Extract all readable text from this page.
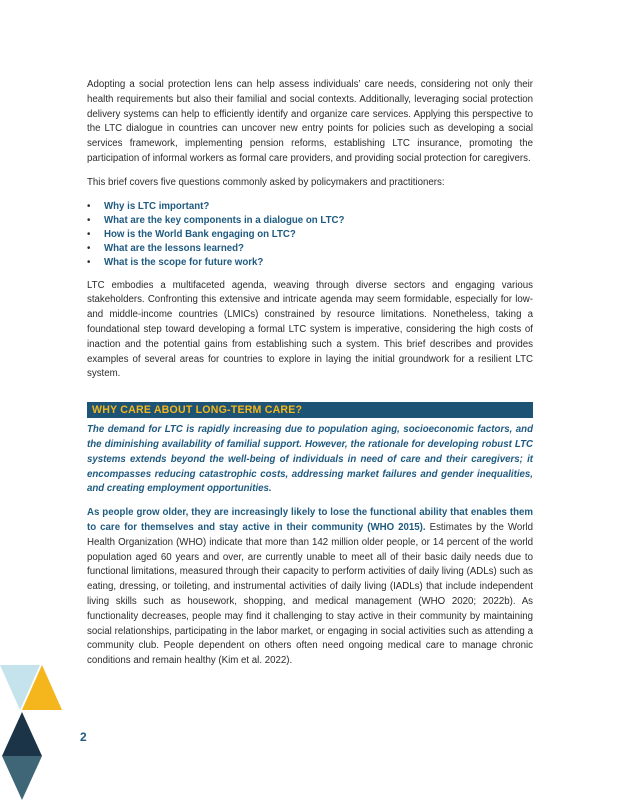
Adopting a social protection lens can help assess individuals’ care needs, considering not only their health requirements but also their familial and social contexts. Additionally, leveraging social protection delivery systems can help to efficiently identify and organize care services. Applying this perspective to the LTC dialogue in countries can uncover new entry points for policies such as developing a social services framework, implementing pension reforms, establishing LTC insurance, promoting the participation of informal workers as formal care providers, and providing social protection for caregivers.

This brief covers five questions commonly asked by policymakers and practitioners:

• Why is LTC important?
• What are the key components in a dialogue on LTC?
• How is the World Bank engaging on LTC?
• What are the lessons learned?
• What is the scope for future work?

LTC embodies a multifaceted agenda, weaving through diverse sectors and engaging various stakeholders. Confronting this extensive and intricate agenda may seem formidable, especially for low- and middle-income countries (LMICs) constrained by resource limitations. Nonetheless, taking a foundational step toward developing a formal LTC system is imperative, considering the high costs of inaction and the potential gains from establishing such a system. This brief describes and provides examples of several areas for countries to explore in laying the initial groundwork for a resilient LTC system.

WHY CARE ABOUT LONG-TERM CARE?

The demand for LTC is rapidly increasing due to population aging, socioeconomic factors, and the diminishing availability of familial support. However, the rationale for developing robust LTC systems extends beyond the well-being of individuals in need of care and their caregivers; it encompasses reducing catastrophic costs, addressing market failures and gender inequalities, and creating employment opportunities.

As people grow older, they are increasingly likely to lose the functional ability that enables them to care for themselves and stay active in their community (WHO 2015). Estimates by the World Health Organization (WHO) indicate that more than 142 million older people, or 14 percent of the world population aged 60 years and over, are currently unable to meet all of their basic daily needs due to functional limitations, measured through their capacity to perform activities of daily living (ADLs) such as eating, dressing, or toileting, and instrumental activities of daily living (IADLs) that include independent living skills such as housework, shopping, and medical management (WHO 2020; 2022b). As functionality decreases, people may find it challenging to stay active in their community by maintaining social relationships, participating in the labor market, or engaging in social activities such as attending a community club. People dependent on others often need ongoing medical care to manage chronic conditions and remain healthy (Kim et al. 2022).

2
